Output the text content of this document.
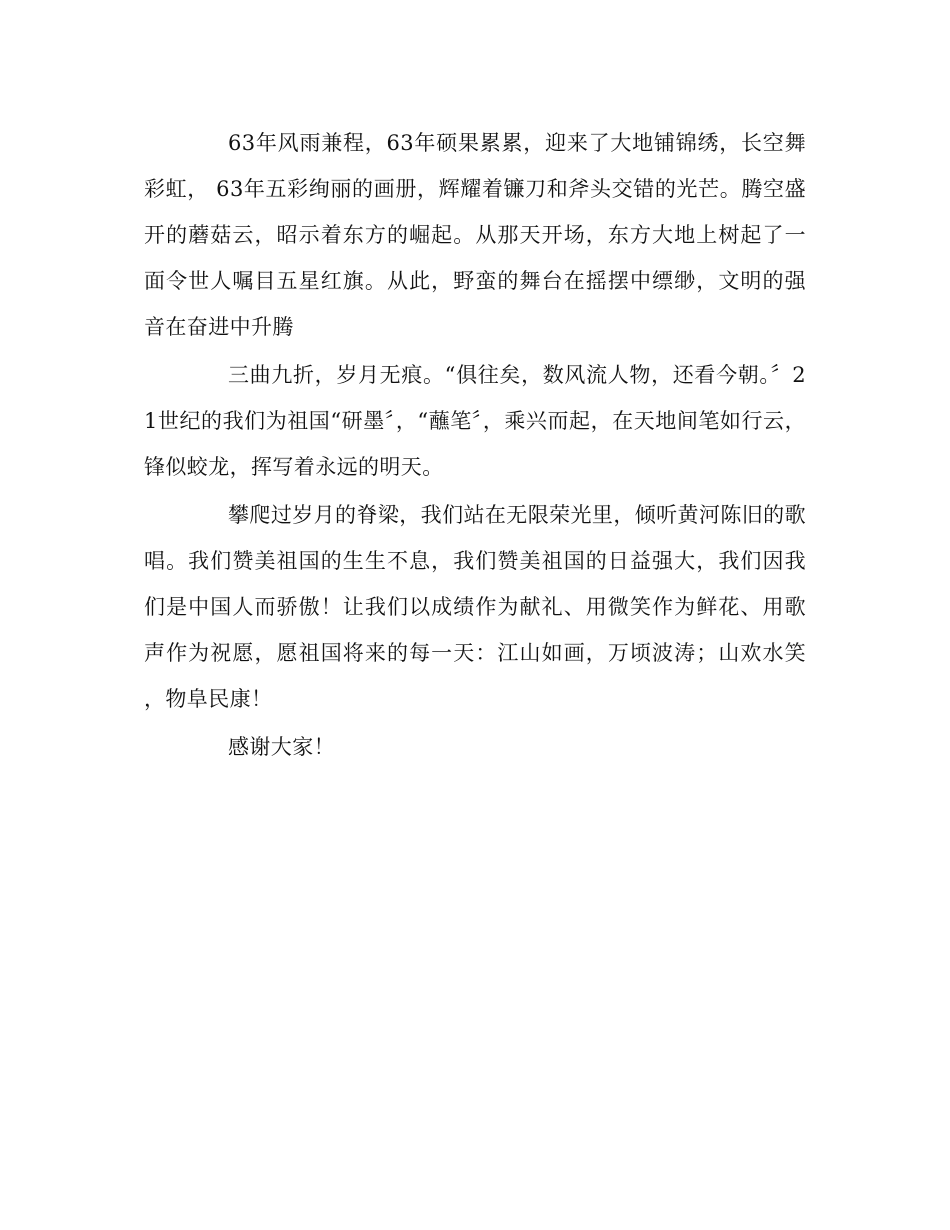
63年风雨兼程，63年硕果累累，迎来了大地铺锦绣，长空舞彩虹， 63年五彩绚丽的画册，辉耀着镰刀和斧头交错的光芒。腾空盛开的蘑菇云，昭示着东方的崛起。从那天开场，东方大地上树起了一面令世人嘱目五星红旗。从此，野蛮的舞台在摇摆中缥缈，文明的强音在奋进中升腾

三曲九折，岁月无痕。“俱往矣，数风流人物，还看今朝。〞21世纪的我们为祖国“研墨〞，“蘸笔〞，乘兴而起，在天地间笔如行云，锋似蛟龙，挥写着永远的明天。

攀爬过岁月的脊梁，我们站在无限荣光里，倾听黄河陈旧的歌唱。我们赞美祖国的生生不息，我们赞美祖国的日益强大，我们因我们是中国人而骄傲！让我们以成绩作为献礼、用微笑作为鲜花、用歌声作为祝愿，愿祖国将来的每一天：江山如画，万顷波涛；山欢水笑，物阜民康！

感谢大家！
